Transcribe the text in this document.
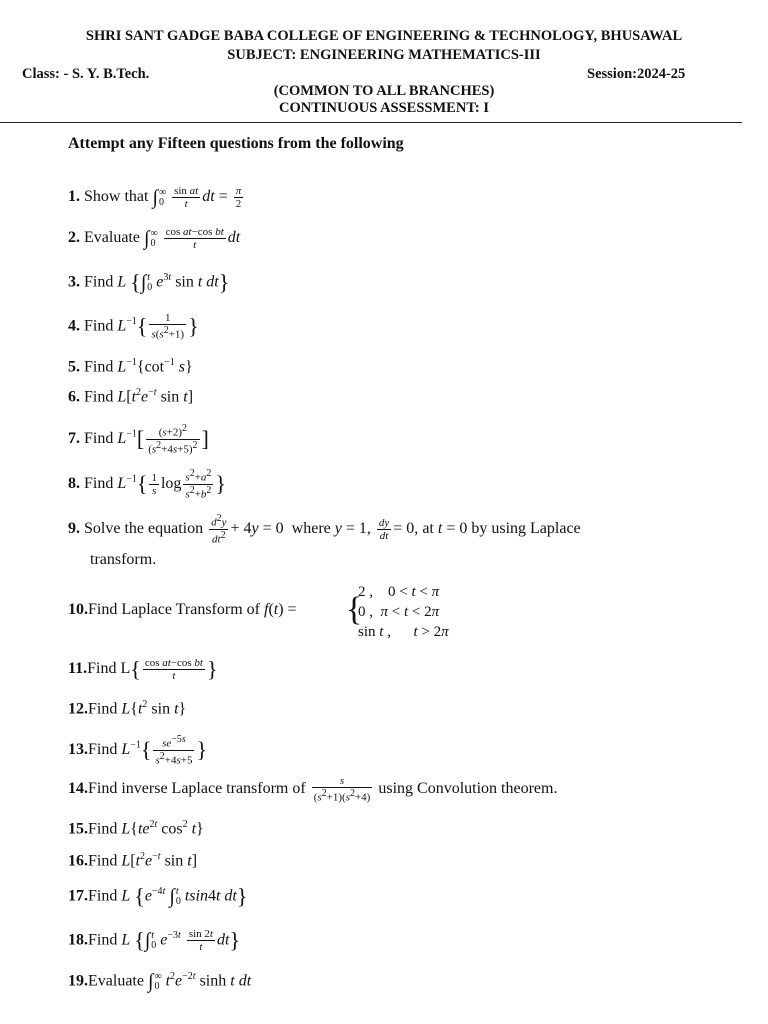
SHRI SANT GADGE BABA COLLEGE OF ENGINEERING & TECHNOLOGY, BHUSAWAL
SUBJECT: ENGINEERING MATHEMATICS-III
Class: - S. Y. B.Tech.	Session:2024-25
(COMMON TO ALL BRANCHES)
CONTINUOUS ASSESSMENT: I
Attempt any Fifteen questions from the following
1. Show that ∫ ∞
0
$\frac{\text{sin at}}{t}$ dt = $\frac{\pi}{2}$
2. Evaluate ∫ ∞
0
$\frac{\text{cos at−cos bt}}{t}$ dt
3. Find L {∫ t
0 $e^{3t}$ sin t dt}
4. Find $L^{-1}\{ \frac{1}{s(s^2+1)}$ }
5. Find $L^{-1}\{\cot^{-1}$ s}
6. Find $L[t^2e^{-t}$ sin t]
7. Find $L^{-1}[ \frac{(s+2)^2}{(s^2+4s+5)^2}$ ]
8. Find $L^{-1}\{ \frac{1}{s}$ $\log \frac{s^2+a^2}{s^2+b^2}$ }
9. Solve the equation $\frac{d^2y}{dt^2} + 4y = 0$  where y = 1, $\frac{dy}{dt} = 0$, at t = 0 by using Laplace
transform.
10.Find Laplace Transform of f(t) = {
2 ,    0 < t < π
0 ,  π < t < 2π
sin t ,      t > 2π
11.Find $L\{ \frac{\text{cos at−cos bt}}{t}$ }
12.Find $L\{t^2$ sin t}
13.Find $L^{-1}\{ \frac{se^{-5s}}{s^2+4s+5}$ }
14.Find inverse Laplace transform of $\frac{s}{(s^2+1)(s^2+4)}$ using Convolution theorem.
15.Find $L\{te^{2t}$ $\cos^2 t$}
16.Find $L[t^2e^{-t}$ sin t]
17.Find L {$e^{-4t}$ ∫ t
0 tsin4t dt}
18.Find L {∫ t
0 $e^{-3t} \frac{\sin 2t}{t} dt$}
19.Evaluate ∫ ∞
0 $t^2e^{-2t}$ sinh t dt
